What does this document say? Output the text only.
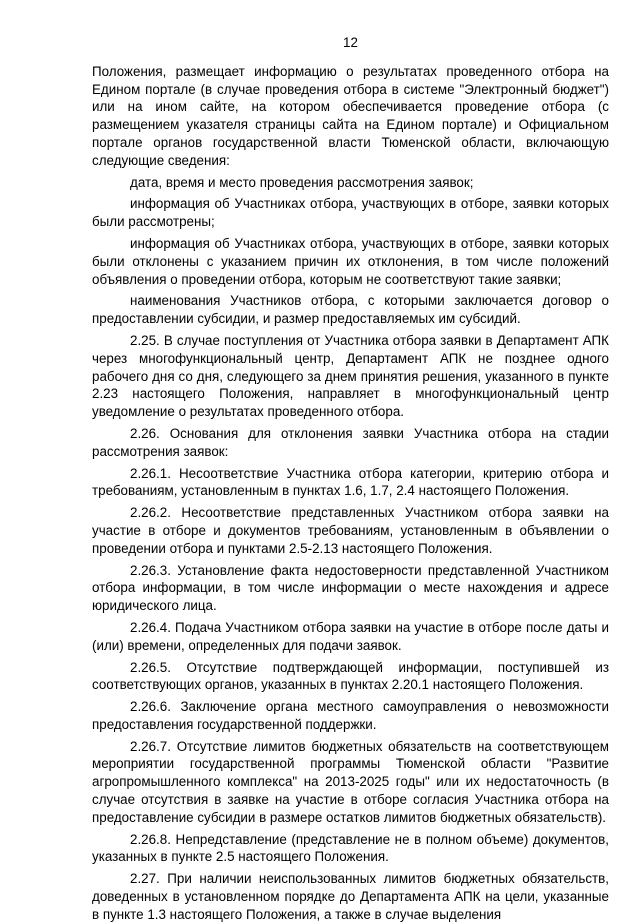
12

Положения, размещает информацию о результатах проведенного отбора на Едином портале (в случае проведения отбора в системе "Электронный бюджет") или на ином сайте, на котором обеспечивается проведение отбора (с размещением указателя страницы сайта на Едином портале) и Официальном портале органов государственной власти Тюменской области, включающую следующие сведения:

дата, время и место проведения рассмотрения заявок;

информация об Участниках отбора, участвующих в отборе, заявки которых были рассмотрены;

информация об Участниках отбора, участвующих в отборе, заявки которых были отклонены с указанием причин их отклонения, в том числе положений объявления о проведении отбора, которым не соответствуют такие заявки;

наименования Участников отбора, с которыми заключается договор о предоставлении субсидии, и размер предоставляемых им субсидий.

2.25. В случае поступления от Участника отбора заявки в Департамент АПК через многофункциональный центр, Департамент АПК не позднее одного рабочего дня со дня, следующего за днем принятия решения, указанного в пункте 2.23 настоящего Положения, направляет в многофункциональный центр уведомление о результатах проведенного отбора.

2.26. Основания для отклонения заявки Участника отбора на стадии рассмотрения заявок:

2.26.1. Несоответствие Участника отбора категории, критерию отбора и требованиям, установленным в пунктах 1.6, 1.7, 2.4 настоящего Положения.

2.26.2. Несоответствие представленных Участником отбора заявки на участие в отборе и документов требованиям, установленным в объявлении о проведении отбора и пунктами 2.5-2.13 настоящего Положения.

2.26.3. Установление факта недостоверности представленной Участником отбора информации, в том числе информации о месте нахождения и адресе юридического лица.

2.26.4. Подача Участником отбора заявки на участие в отборе после даты и (или) времени, определенных для подачи заявок.

2.26.5. Отсутствие подтверждающей информации, поступившей из соответствующих органов, указанных в пунктах 2.20.1 настоящего Положения.

2.26.6. Заключение органа местного самоуправления о невозможности предоставления государственной поддержки.

2.26.7. Отсутствие лимитов бюджетных обязательств на соответствующем мероприятии государственной программы Тюменской области "Развитие агропромышленного комплекса" на 2013-2025 годы" или их недостаточность (в случае отсутствия в заявке на участие в отборе согласия Участника отбора на предоставление субсидии в размере остатков лимитов бюджетных обязательств).

2.26.8. Непредставление (представление не в полном объеме) документов, указанных в пункте 2.5 настоящего Положения.

2.27. При наличии неиспользованных лимитов бюджетных обязательств, доведенных в установленном порядке до Департамента АПК на цели, указанные в пункте 1.3 настоящего Положения, а также в случае выделения
